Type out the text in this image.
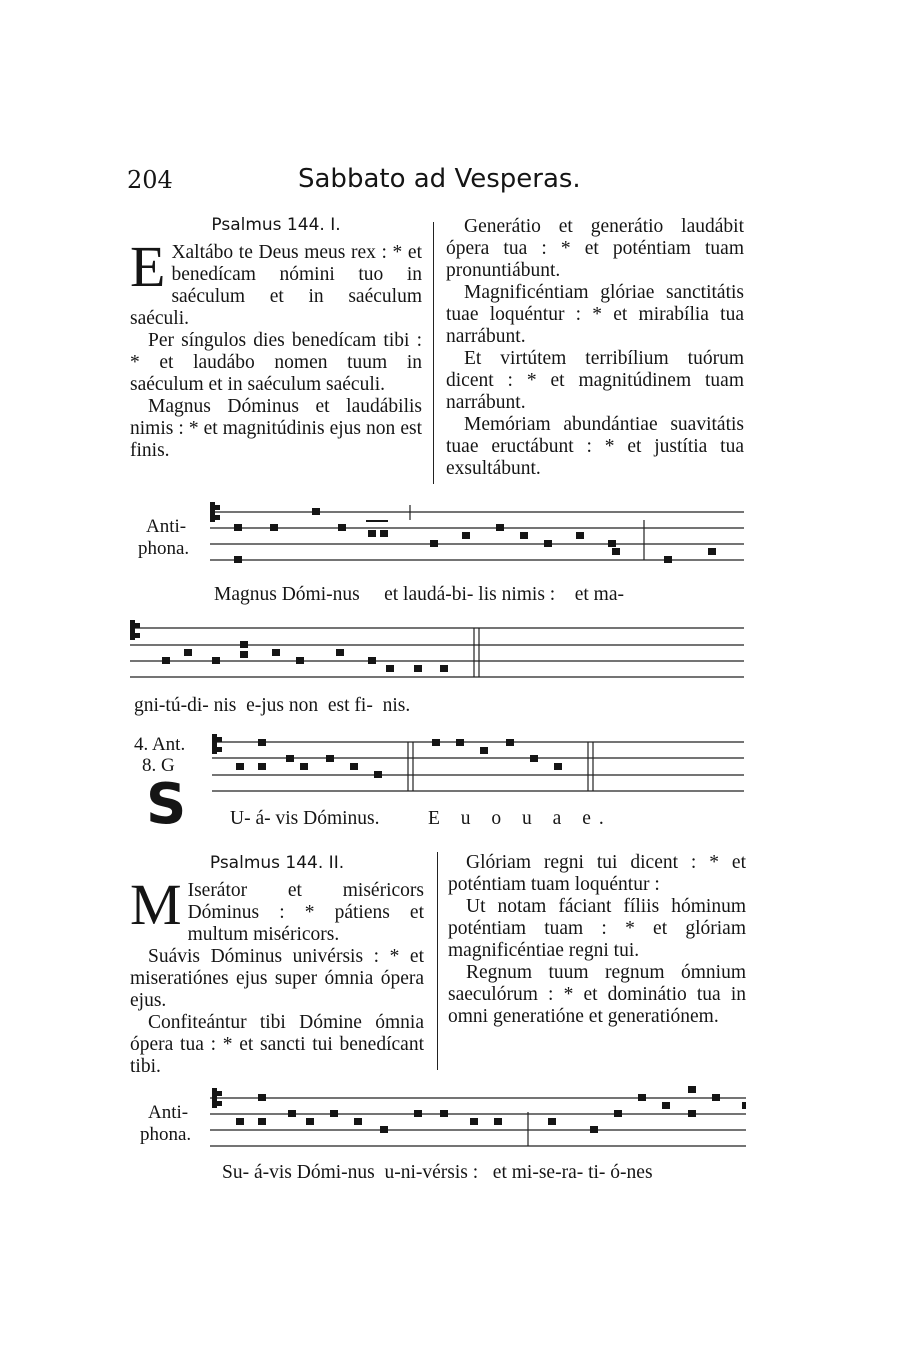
204	Sabbato ad Vesperas.
Psalmus 144. I.

E Xaltábo te Deus meus rex : * et benedícam nómini tuo in saéculum et in saéculum saéculi.

Per síngulos dies benedícam tibi : * et laudábo nomen tuum in saéculum et in saéculum saéculi.

Magnus Dóminus et laudábilis nimis : * et magnitúdinis ejus non est finis.

Generátio et generátio laudábit ópera tua : * et poténtiam tuam pronuntiábunt.

Magnificéntiam glóriae sanctitátis tuae loquéntur : * et mirabília tua narrábunt.

Et virtútem terribílium tuórum dicent : * et magnitúdinem tuam narrábunt.

Memóriam abundántiae suavitátis tuae eructábunt : * et justítia tua exsultábunt.

Anti-
phona.
Magnus Dómi-nus     et laudá-bi- lis nimis :    et ma-
gni-tú-di- nis  e-jus non  est fi-  nis.
4. Ant.
8. G
S U- á- vis Dóminus. E u o u a e.
Psalmus 144. II.

M Iserátor et miséricors Dóminus : * pátiens et multum miséricors.

Suávis Dóminus univérsis : * et miseratiónes ejus super ómnia ópera ejus.

Confiteántur tibi Dómine ómnia ópera tua : * et sancti tui benedícant tibi.

Glóriam regni tui dicent : * et poténtiam tuam loquéntur :

Ut notam fáciant fíliis hóminum poténtiam tuam : * et glóriam magnificéntiae regni tui.

Regnum tuum regnum ómnium saeculórum : * et dominátio tua in omni generatióne et generatiónem.

Anti-
phona.
Su- á-vis Dómi-nus  u-ni-vérsis :   et mi-se-ra- ti- ó-nes
